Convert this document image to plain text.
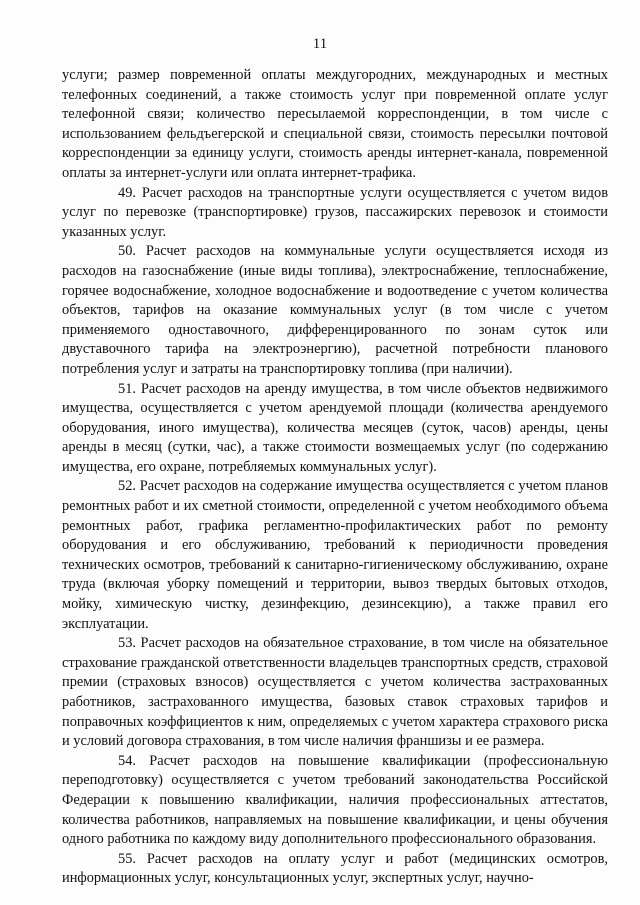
11

услуги; размер повременной оплаты междугородних, международных и местных телефонных соединений, а также стоимость услуг при повременной оплате услуг телефонной связи; количество пересылаемой корреспонденции, в том числе с использованием фельдъегерской и специальной связи, стоимость пересылки почтовой корреспонденции за единицу услуги, стоимость аренды интернет-канала, повременной оплаты за интернет-услуги или оплата интернет-трафика.

49. Расчет расходов на транспортные услуги осуществляется с учетом видов услуг по перевозке (транспортировке) грузов, пассажирских перевозок и стоимости указанных услуг.

50. Расчет расходов на коммунальные услуги осуществляется исходя из расходов на газоснабжение (иные виды топлива), электроснабжение, теплоснабжение, горячее водоснабжение, холодное водоснабжение и водоотведение с учетом количества объектов, тарифов на оказание коммунальных услуг (в том числе с учетом применяемого одноставочного, дифференцированного по зонам суток или двуставочного тарифа на электроэнергию), расчетной потребности планового потребления услуг и затраты на транспортировку топлива (при наличии).

51. Расчет расходов на аренду имущества, в том числе объектов недвижимого имущества, осуществляется с учетом арендуемой площади (количества арендуемого оборудования, иного имущества), количества месяцев (суток, часов) аренды, цены аренды в месяц (сутки, час), а также стоимости возмещаемых услуг (по содержанию имущества, его охране, потребляемых коммунальных услуг).

52. Расчет расходов на содержание имущества осуществляется с учетом планов ремонтных работ и их сметной стоимости, определенной с учетом необходимого объема ремонтных работ, графика регламентно-профилактических работ по ремонту оборудования и его обслуживанию, требований к периодичности проведения технических осмотров, требований к санитарно-гигиеническому обслуживанию, охране труда (включая уборку помещений и территории, вывоз твердых бытовых отходов, мойку, химическую чистку, дезинфекцию, дезинсекцию), а также правил его эксплуатации.

53. Расчет расходов на обязательное страхование, в том числе на обязательное страхование гражданской ответственности владельцев транспортных средств, страховой премии (страховых взносов) осуществляется с учетом количества застрахованных работников, застрахованного имущества, базовых ставок страховых тарифов и поправочных коэффициентов к ним, определяемых с учетом характера страхового риска и условий договора страхования, в том числе наличия франшизы и ее размера.

54. Расчет расходов на повышение квалификации (профессиональную переподготовку) осуществляется с учетом требований законодательства Российской Федерации к повышению квалификации, наличия профессиональных аттестатов, количества работников, направляемых на повышение квалификации, и цены обучения одного работника по каждому виду дополнительного профессионального образования.

55. Расчет расходов на оплату услуг и работ (медицинских осмотров, информационных услуг, консультационных услуг, экспертных услуг, научно-
